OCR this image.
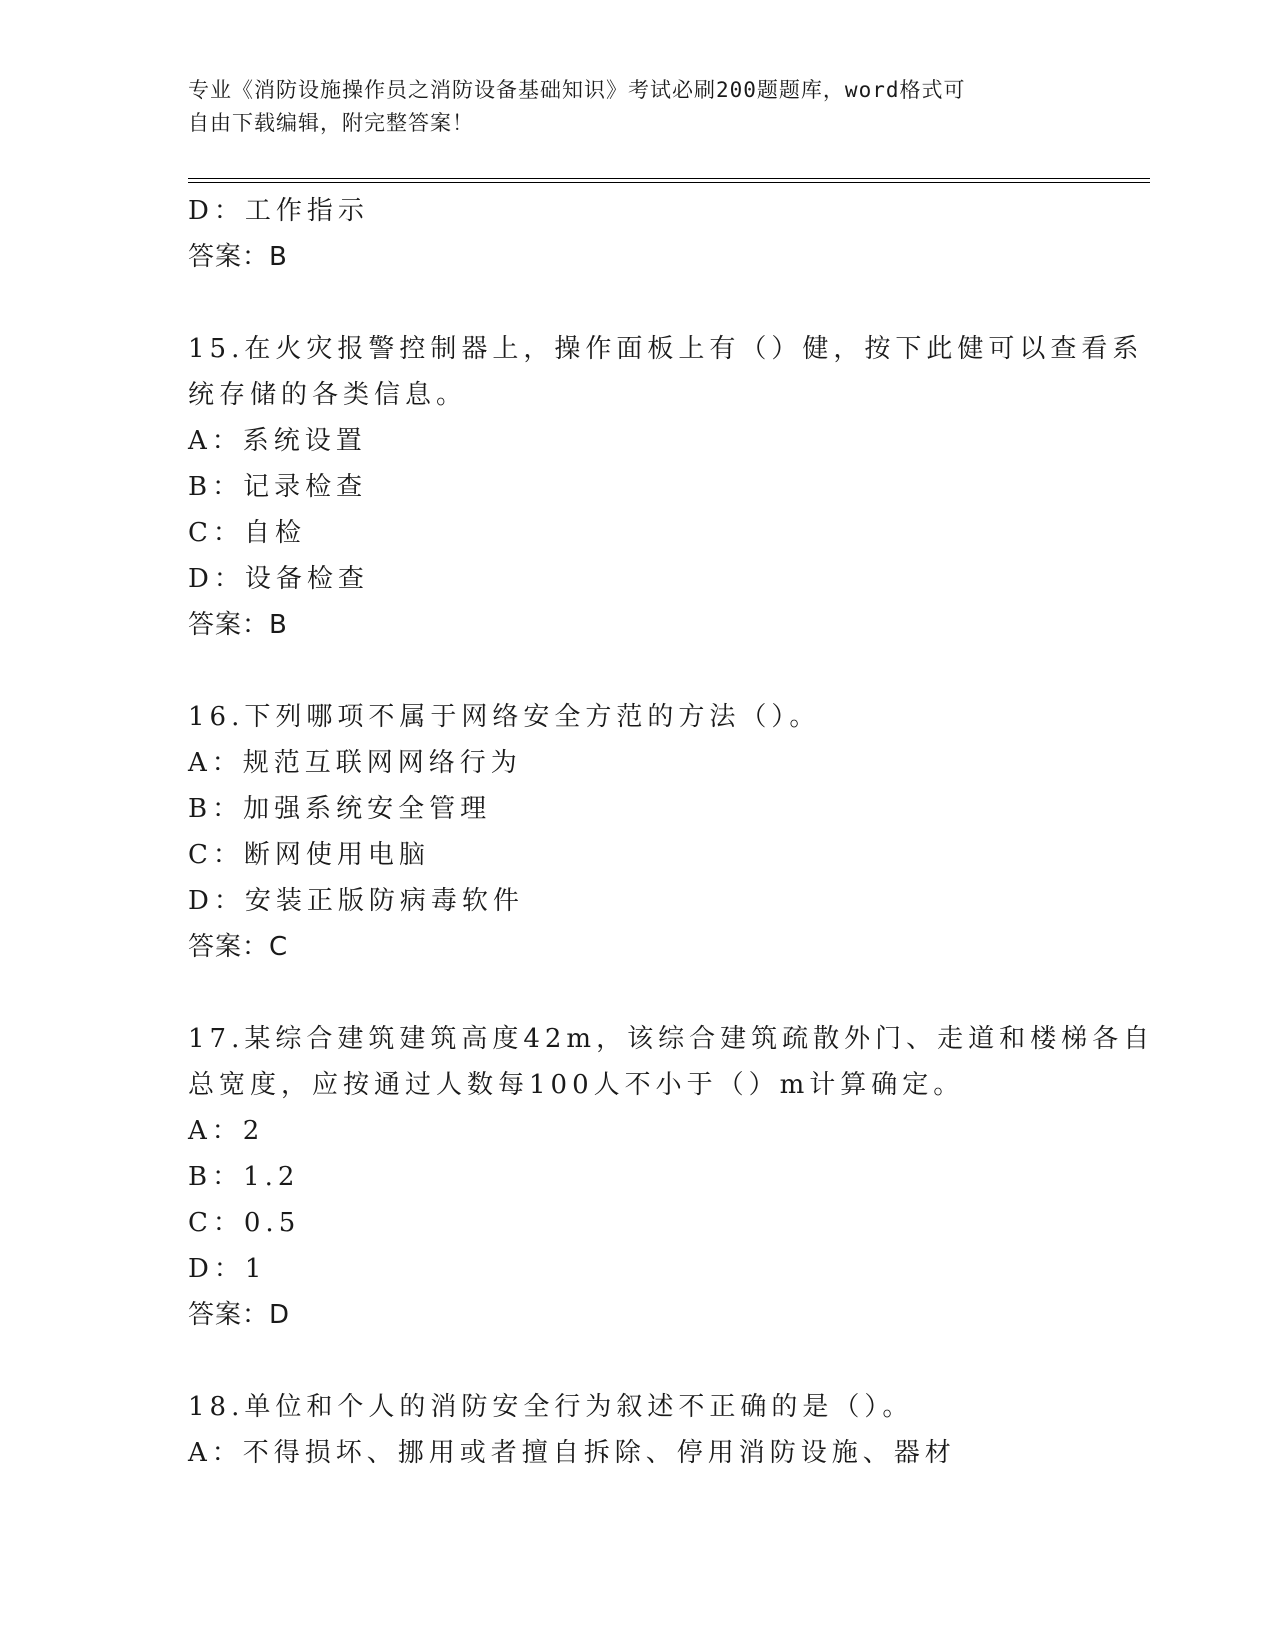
专业《消防设施操作员之消防设备基础知识》考试必刷200题题库，word格式可
自由下载编辑，附完整答案！
D：工作指示
答案：B
15.在火灾报警控制器上，操作面板上有（）健，按下此健可以查看系
统存储的各类信息。
A：系统设置
B：记录检查
C：自检
D：设备检查
答案：B
16.下列哪项不属于网络安全方范的方法（）。
A：规范互联网网络行为
B：加强系统安全管理
C：断网使用电脑
D：安装正版防病毒软件
答案：C
17.某综合建筑建筑高度42m，该综合建筑疏散外门、走道和楼梯各自
总宽度，应按通过人数每100人不小于（）m计算确定。
A：2
B：1.2
C：0.5
D：1
答案：D
18.单位和个人的消防安全行为叙述不正确的是（）。
A：不得损坏、挪用或者擅自拆除、停用消防设施、器材
